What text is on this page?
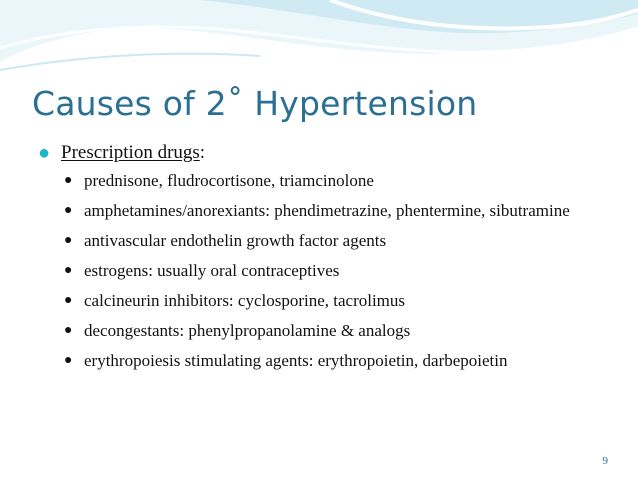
Causes of 2˚ Hypertension
● Prescription drugs:
● prednisone, fludrocortisone, triamcinolone
● amphetamines/anorexiants: phendimetrazine, phentermine, sibutramine
● antivascular endothelin growth factor agents
● estrogens: usually oral contraceptives
● calcineurin inhibitors: cyclosporine, tacrolimus
● decongestants: phenylpropanolamine & analogs
● erythropoiesis stimulating agents: erythropoietin, darbepoietin
9
